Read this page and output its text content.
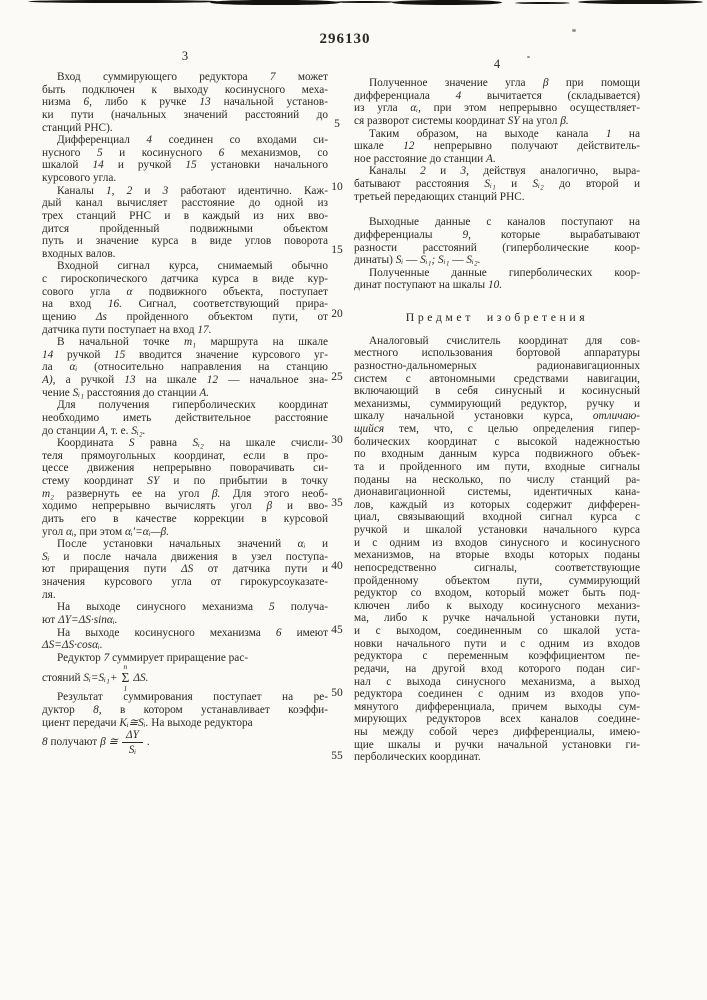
296130
3
4
Вход суммирующего редуктора 7 может
быть подключен к выходу косинусного меха-
низма 6, либо к ручке 13 начальной установ-
ки пути (начальных значений расстояний до
станций РНС).
Дифференциал 4 соединен со входами си-
нусного 5 и косинусного 6 механизмов, со
шкалой 14 и ручкой 15 установки начального
курсового угла.
Каналы 1, 2 и 3 работают идентично. Каж-
дый канал вычисляет расстояние до одной из
трех станций РНС и в каждый из них вво-
дится пройденный подвижными объектом
путь и значение курса в виде углов поворота
входных валов.
Входной сигнал курса, снимаемый обычно
с гироскопического датчика курса в виде кур-
сового угла α подвижного объекта, поступает
на вход 16. Сигнал, соответствующий прира-
щению Δs пройденного объектом пути, от
датчика пути поступает на вход 17.
В начальной точке m₁ маршрута на шкале
14 ручкой 15 вводится значение курсового уг-
ла αᵢ (относительно направления на станцию
A), а ручкой 13 на шкале 12 — начальное зна-
чение Sᵢ₁ расстояния до станции A.
Для получения гиперболических координат
необходимо иметь действительное расстояние
до станции A, т. е. Sᵢ₂.
Координата S равна Sᵢ₂ на шкале счисли-
теля прямоугольных координат, если в про-
цессе движения непрерывно поворачивать си-
стему координат SY и по прибытии в точку
m₂ развернуть ее на угол β. Для этого необ-
ходимо непрерывно вычислять угол β и вво-
дить его в качестве коррекции в курсовой
угол αᵢ, при этом αᵢ′=αᵢ—β.
После установки начальных значений αᵢ и
Sᵢ и после начала движения в узел поступа-
ют приращения пути ΔS от датчика пути и
значения курсового угла от гирокурсоуказате-
ля.
На выходе синусного механизма 5 получа-
ют ΔY=ΔS·sinαᵢ.
На выходе косинусного механизма 6 имеют
ΔS=ΔS·cosαᵢ.
Редуктор 7 суммирует приращение рас-
стояний Sᵢ=Sᵢ₁+
n
Σ
1
ΔS.
Результат суммирования поступает на ре-
дуктор 8, в котором устанавливает коэффи-
циент передачи Kᵢ≅Sᵢ. На выходе редуктора
8 получают β ≅ $\frac{\Delta Y}{\text{Sᵢ}}$ .
5
10
15
20
25
30
35
40
45
50
55
Полученное значение угла β при помощи
дифференциала 4 вычитается (складывается)
из угла αᵢ, при этом непрерывно осуществляет-
ся разворот системы координат SY на угол β.
Таким образом, на выходе канала 1 на
шкале 12 непрерывно получают действитель-
ное расстояние до станции A.
Каналы 2 и 3, действуя аналогично, выра-
батывают расстояния Sᵢ₁ и Sᵢ₂ до второй и
третьей передающих станций РНС.
Выходные данные с каналов поступают на
дифференциалы 9, которые вырабатывают
разности расстояний (гиперболические коор-
динаты) Sᵢ — Sᵢ₁; Sᵢ₁ — Sᵢ₂.
Полученные данные гиперболических коор-
динат поступают на шкалы 10.
Предмет изобретения
Аналоговый счислитель координат для сов-
местного использования бортовой аппаратуры
разностно-дальномерных радионавигационных
систем с автономными средствами навигации,
включающий в себя синусный и косинусный
механизмы, суммирующий редуктор, ручку и
шкалу начальной установки курса, отличаю-
щийся тем, что, с целью определения гипер-
болических координат с высокой надежностью
по входным данным курса подвижного объек-
та и пройденного им пути, входные сигналы
поданы на несколько, по числу станций ра-
дионавигационной системы, идентичных кана-
лов, каждый из которых содержит дифферен-
циал, связывающий входной сигнал курса с
ручкой и шкалой установки начального курса
и с одним из входов синусного и косинусного
механизмов, на вторые входы которых поданы
непосредственно сигналы, соответствующие
пройденному объектом пути, суммирующий
редуктор со входом, который может быть под-
ключен либо к выходу косинусного механиз-
ма, либо к ручке начальной установки пути,
и с выходом, соединенным со шкалой уста-
новки начального пути и с одним из входов
редуктора с переменным коэффициентом пе-
редачи, на другой вход которого подан сиг-
нал с выхода синусного механизма, а выход
редуктора соединен с одним из входов упо-
мянутого дифференциала, причем выходы сум-
мирующих редукторов всех каналов соедине-
ны между собой через дифференциалы, имею-
щие шкалы и ручки начальной установки ги-
перболических координат.
